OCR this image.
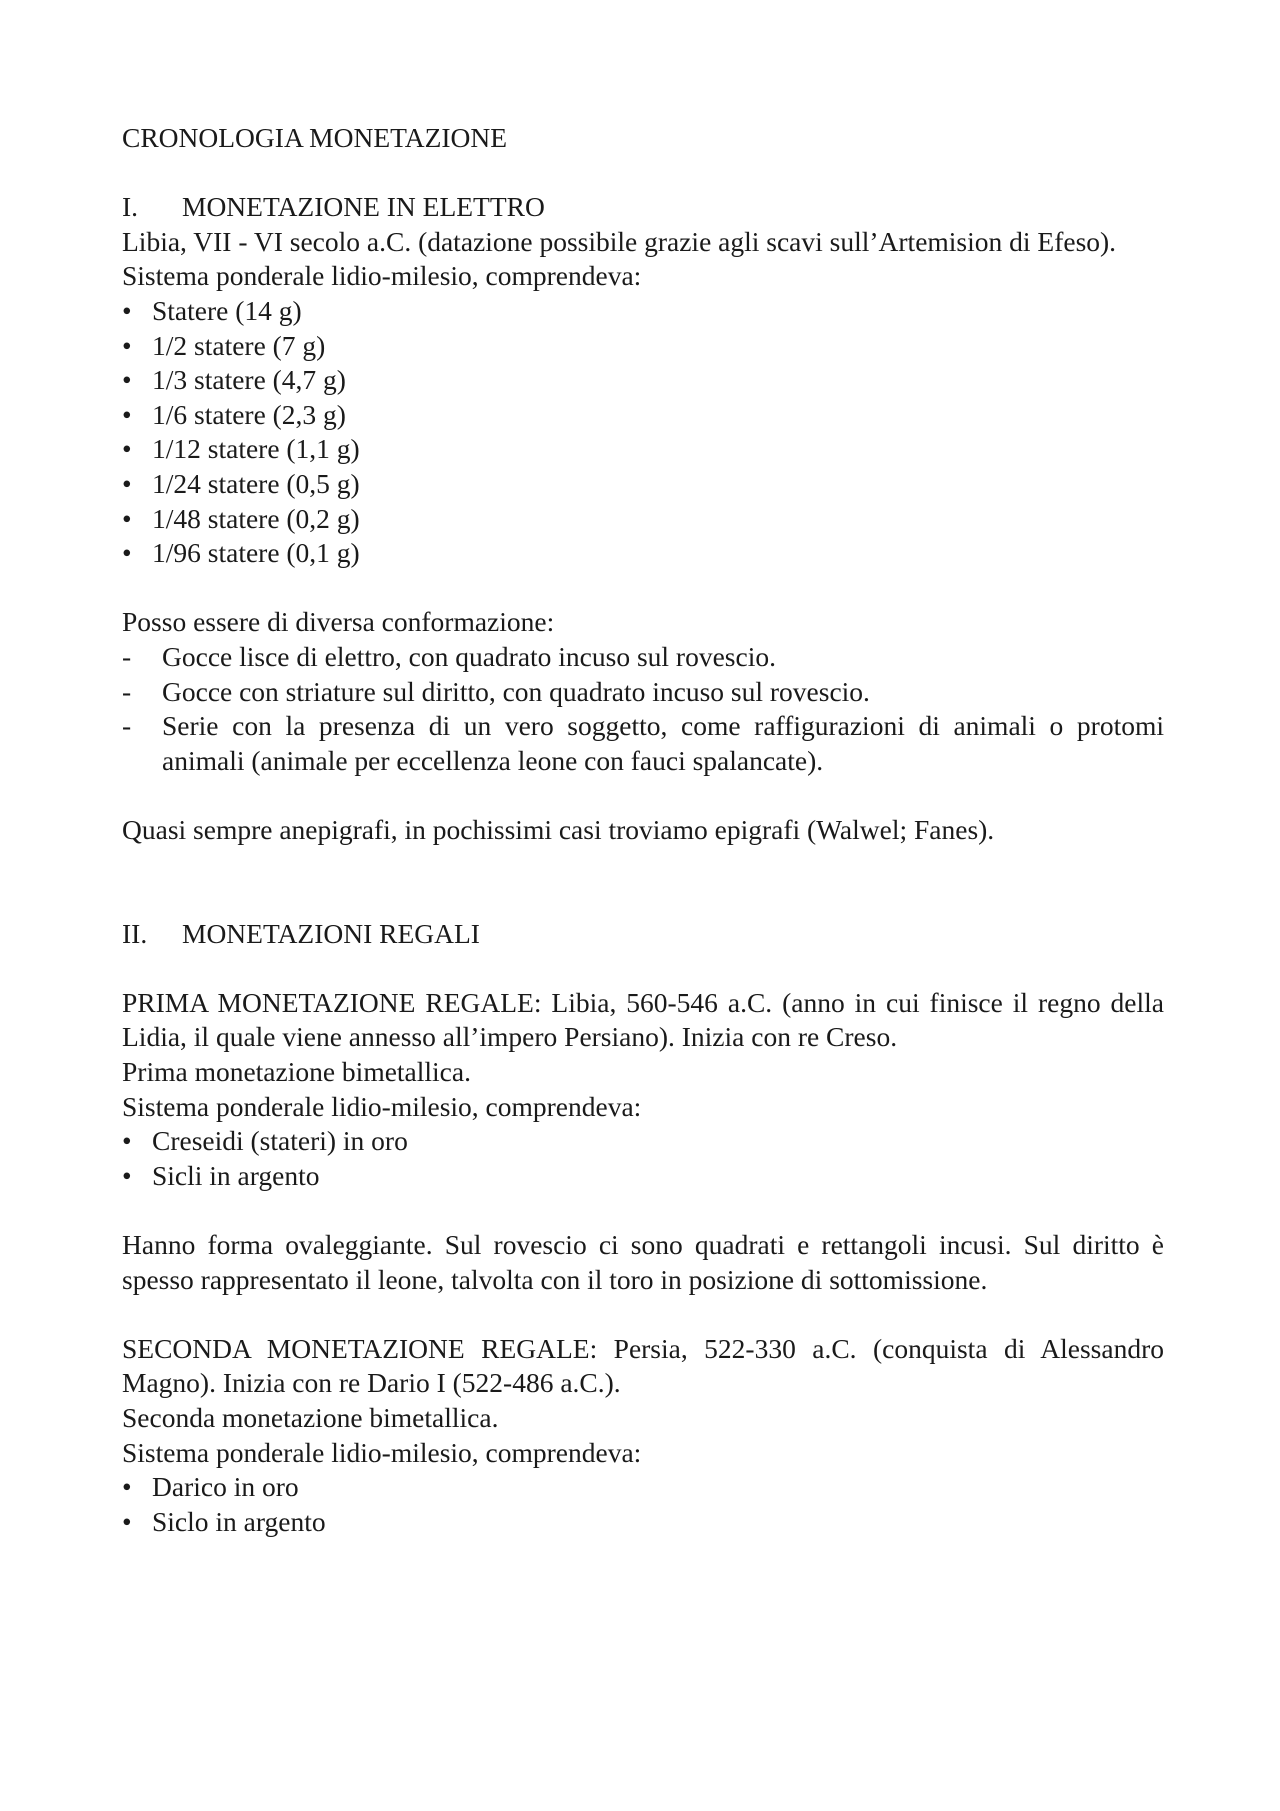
CRONOLOGIA MONETAZIONE

I.	MONETAZIONE IN ELETTRO

Libia, VII - VI secolo a.C. (datazione possibile grazie agli scavi sull’Artemision di Efeso).

Sistema ponderale lidio-milesio, comprendeva:

• Statere (14 g)
• 1/2 statere (7 g)
• 1/3 statere (4,7 g)
• 1/6 statere (2,3 g)
• 1/12 statere (1,1 g)
• 1/24 statere (0,5 g)
• 1/48 statere (0,2 g)
• 1/96 statere (0,1 g)

Posso essere di diversa conformazione:

- Gocce lisce di elettro, con quadrato incuso sul rovescio.
- Gocce con striature sul diritto, con quadrato incuso sul rovescio.
- Serie con la presenza di un vero soggetto, come raffigurazioni di animali o protomi animali (animale per eccellenza leone con fauci spalancate).

Quasi sempre anepigrafi, in pochissimi casi troviamo epigrafi (Walwel; Fanes).

II.	MONETAZIONI REGALI

PRIMA MONETAZIONE REGALE: Libia, 560-546 a.C. (anno in cui finisce il regno della Lidia, il quale viene annesso all’impero Persiano). Inizia con re Creso.

Prima monetazione bimetallica.

Sistema ponderale lidio-milesio, comprendeva:

• Creseidi (stateri) in oro
• Sicli in argento

Hanno forma ovaleggiante. Sul rovescio ci sono quadrati e rettangoli incusi. Sul diritto è spesso rappresentato il leone, talvolta con il toro in posizione di sottomissione.

SECONDA MONETAZIONE REGALE: Persia, 522-330 a.C. (conquista di Alessandro Magno). Inizia con re Dario I (522-486 a.C.).

Seconda monetazione bimetallica.

Sistema ponderale lidio-milesio, comprendeva:

• Darico in oro
• Siclo in argento
